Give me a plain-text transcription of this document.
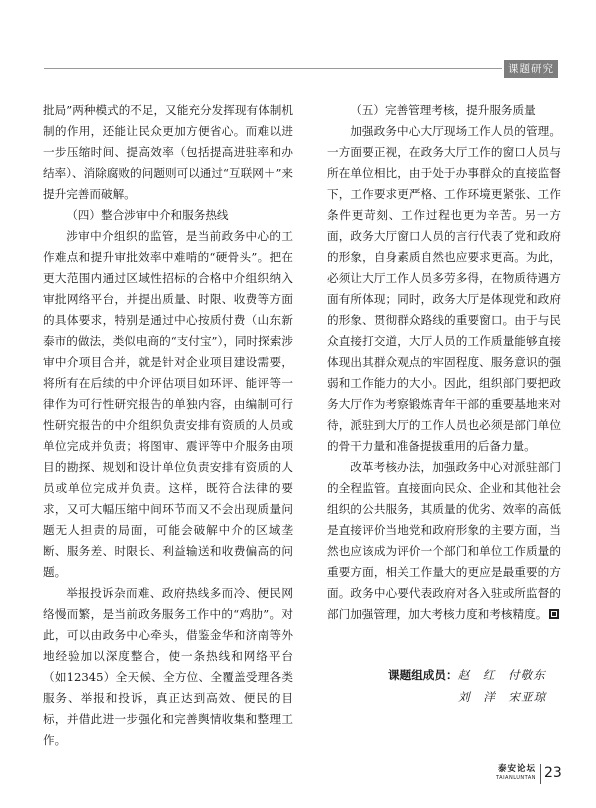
课题研究

批局”两种模式的不足，又能充分发挥现有体制机制的作用，还能让民众更加方便省心。而难以进一步压缩时间、提高效率（包括提高进驻率和办结率）、消除腐败的问题则可以通过“互联网＋”来提升完善而破解。

（四）整合涉审中介和服务热线

涉审中介组织的监管，是当前政务中心的工作难点和提升审批效率中难啃的“硬骨头”。把在更大范围内通过区域性招标的合格中介组织纳入审批网络平台，并提出质量、时限、收费等方面的具体要求，特别是通过中心按质付费（山东新泰市的做法，类似电商的“支付宝”），同时探索涉审中介项目合并，就是针对企业项目建设需要，将所有在后续的中介评估项目如环评、能评等一律作为可行性研究报告的单独内容，由编制可行性研究报告的中介组织负责安排有资质的人员或单位完成并负责；将图审、震评等中介服务由项目的勘探、规划和设计单位负责安排有资质的人员或单位完成并负责。这样，既符合法律的要求，又可大幅压缩中间环节而又不会出现质量问题无人担责的局面，可能会破解中介的区域垄断、服务差、时限长、利益输送和收费偏高的问题。

举报投诉杂而难、政府热线多而冷、便民网络慢而繁，是当前政务服务工作中的“鸡肋”。对此，可以由政务中心牵头，借鉴金华和济南等外地经验加以深度整合，使一条热线和网络平台（如12345）全天候、全方位、全覆盖受理各类服务、举报和投诉，真正达到高效、便民的目标，并借此进一步强化和完善舆情收集和整理工作。

（五）完善管理考核，提升服务质量

加强政务中心大厅现场工作人员的管理。一方面要正视，在政务大厅工作的窗口人员与所在单位相比，由于处于办事群众的直接监督下，工作要求更严格、工作环境更紧张、工作条件更苛刻、工作过程也更为辛苦。另一方面，政务大厅窗口人员的言行代表了党和政府的形象，自身素质自然也应要求更高。为此，必须让大厅工作人员多劳多得，在物质待遇方面有所体现；同时，政务大厅是体现党和政府的形象、贯彻群众路线的重要窗口。由于与民众直接打交道，大厅人员的工作质量能够直接体现出其群众观点的牢固程度、服务意识的强弱和工作能力的大小。因此，组织部门要把政务大厅作为考察锻炼青年干部的重要基地来对待，派驻到大厅的工作人员也必须是部门单位的骨干力量和准备提拔重用的后备力量。

改革考核办法，加强政务中心对派驻部门的全程监管。直接面向民众、企业和其他社会组织的公共服务，其质量的优劣、效率的高低是直接评价当地党和政府形象的主要方面，当然也应该成为评价一个部门和单位工作质量的重要方面，相关工作量大的更应是最重要的方面。政务中心要代表政府对各入驻或所监督的部门加强管理，加大考核力度和考核精度。

课题组成员： 赵　红　付敬东
刘　洋　宋亚琼
泰安论坛
TAIANLUNTAN 23
